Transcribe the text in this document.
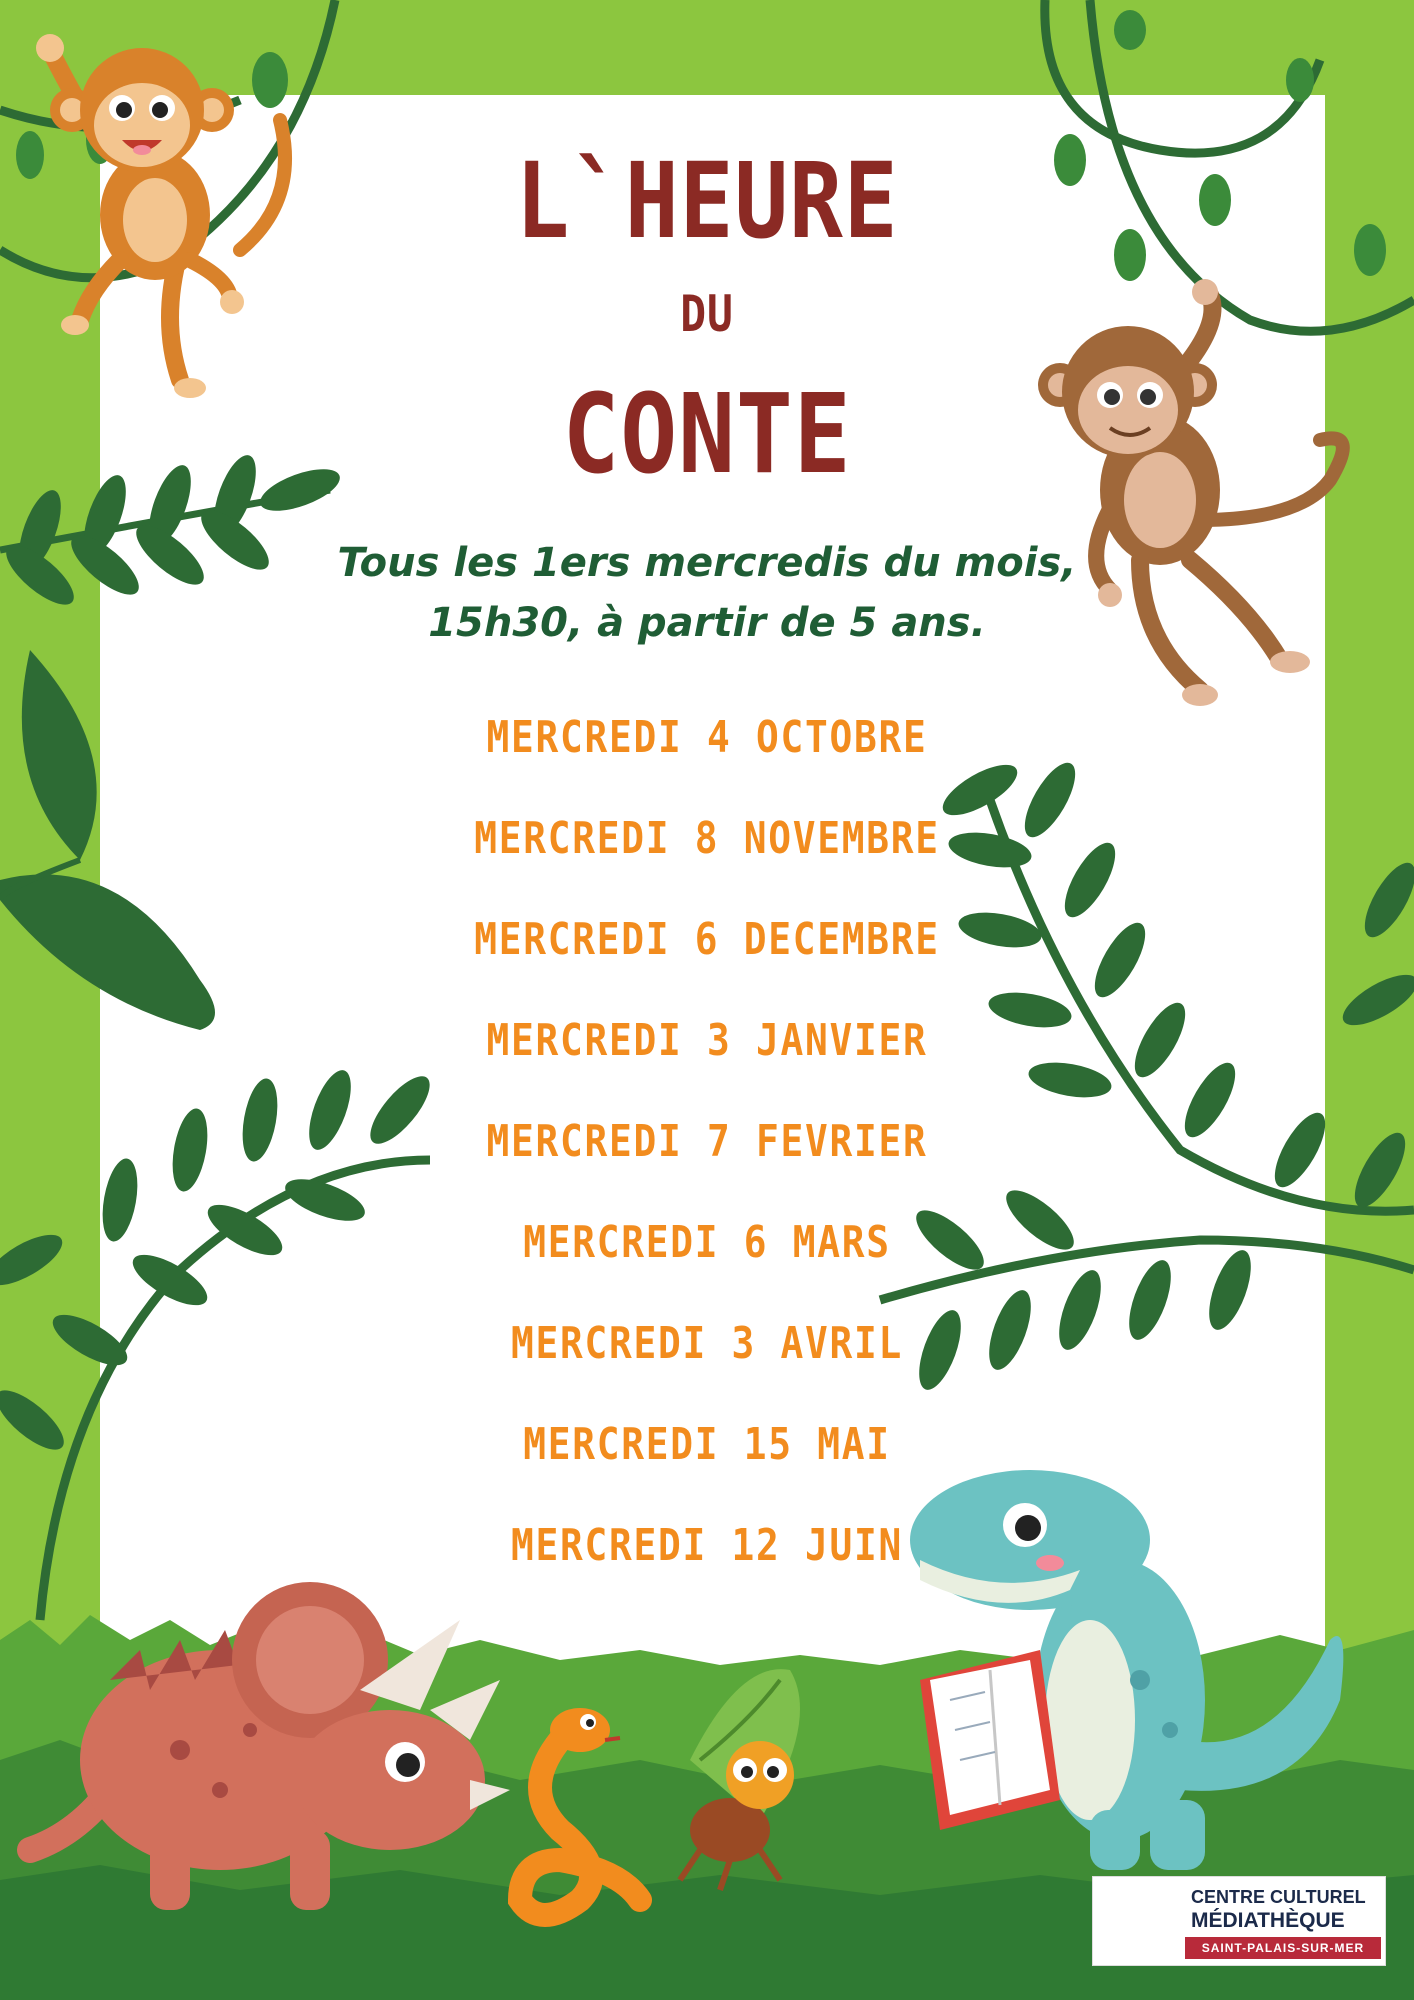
L`HEURE
DU
CONTE
Tous les 1ers mercredis du mois,
15h30, à partir de 5 ans.
MERCREDI 4 OCTOBRE
MERCREDI 8 NOVEMBRE
MERCREDI 6 DECEMBRE
MERCREDI 3 JANVIER
MERCREDI 7 FEVRIER
MERCREDI 6 MARS
MERCREDI 3 AVRIL
MERCREDI 15 MAI
MERCREDI 12 JUIN
CENTRE CULTUREL
MÉDIATHÈQUE
SAINT-PALAIS-SUR-MER
